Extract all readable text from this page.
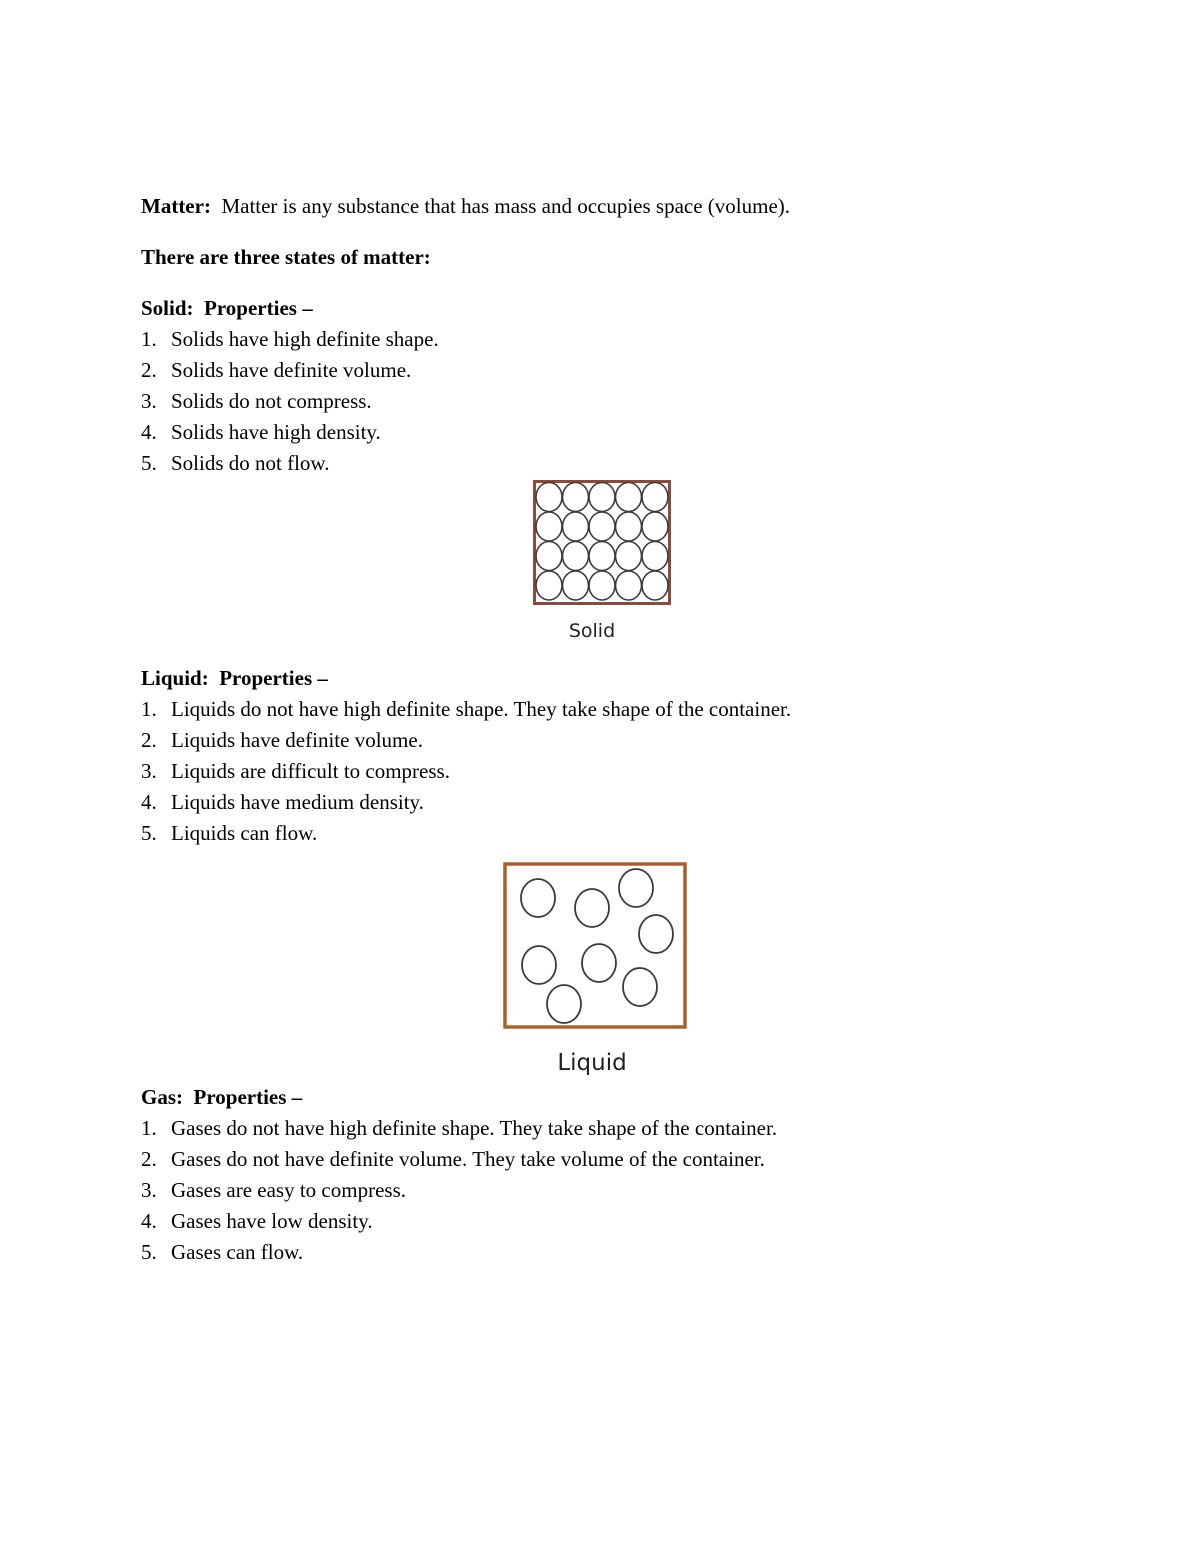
Matter: Matter is any substance that has mass and occupies space (volume).
There are three states of matter:
Solid: Properties –
1. Solids have high definite shape.
2. Solids have definite volume.
3. Solids do not compress.
4. Solids have high density.
5. Solids do not flow.
Solid
Liquid: Properties –
1. Liquids do not have high definite shape. They take shape of the container.
2. Liquids have definite volume.
3. Liquids are difficult to compress.
4. Liquids have medium density.
5. Liquids can flow.
Liquid
Gas: Properties –
1. Gases do not have high definite shape. They take shape of the container.
2. Gases do not have definite volume. They take volume of the container.
3. Gases are easy to compress.
4. Gases have low density.
5. Gases can flow.
